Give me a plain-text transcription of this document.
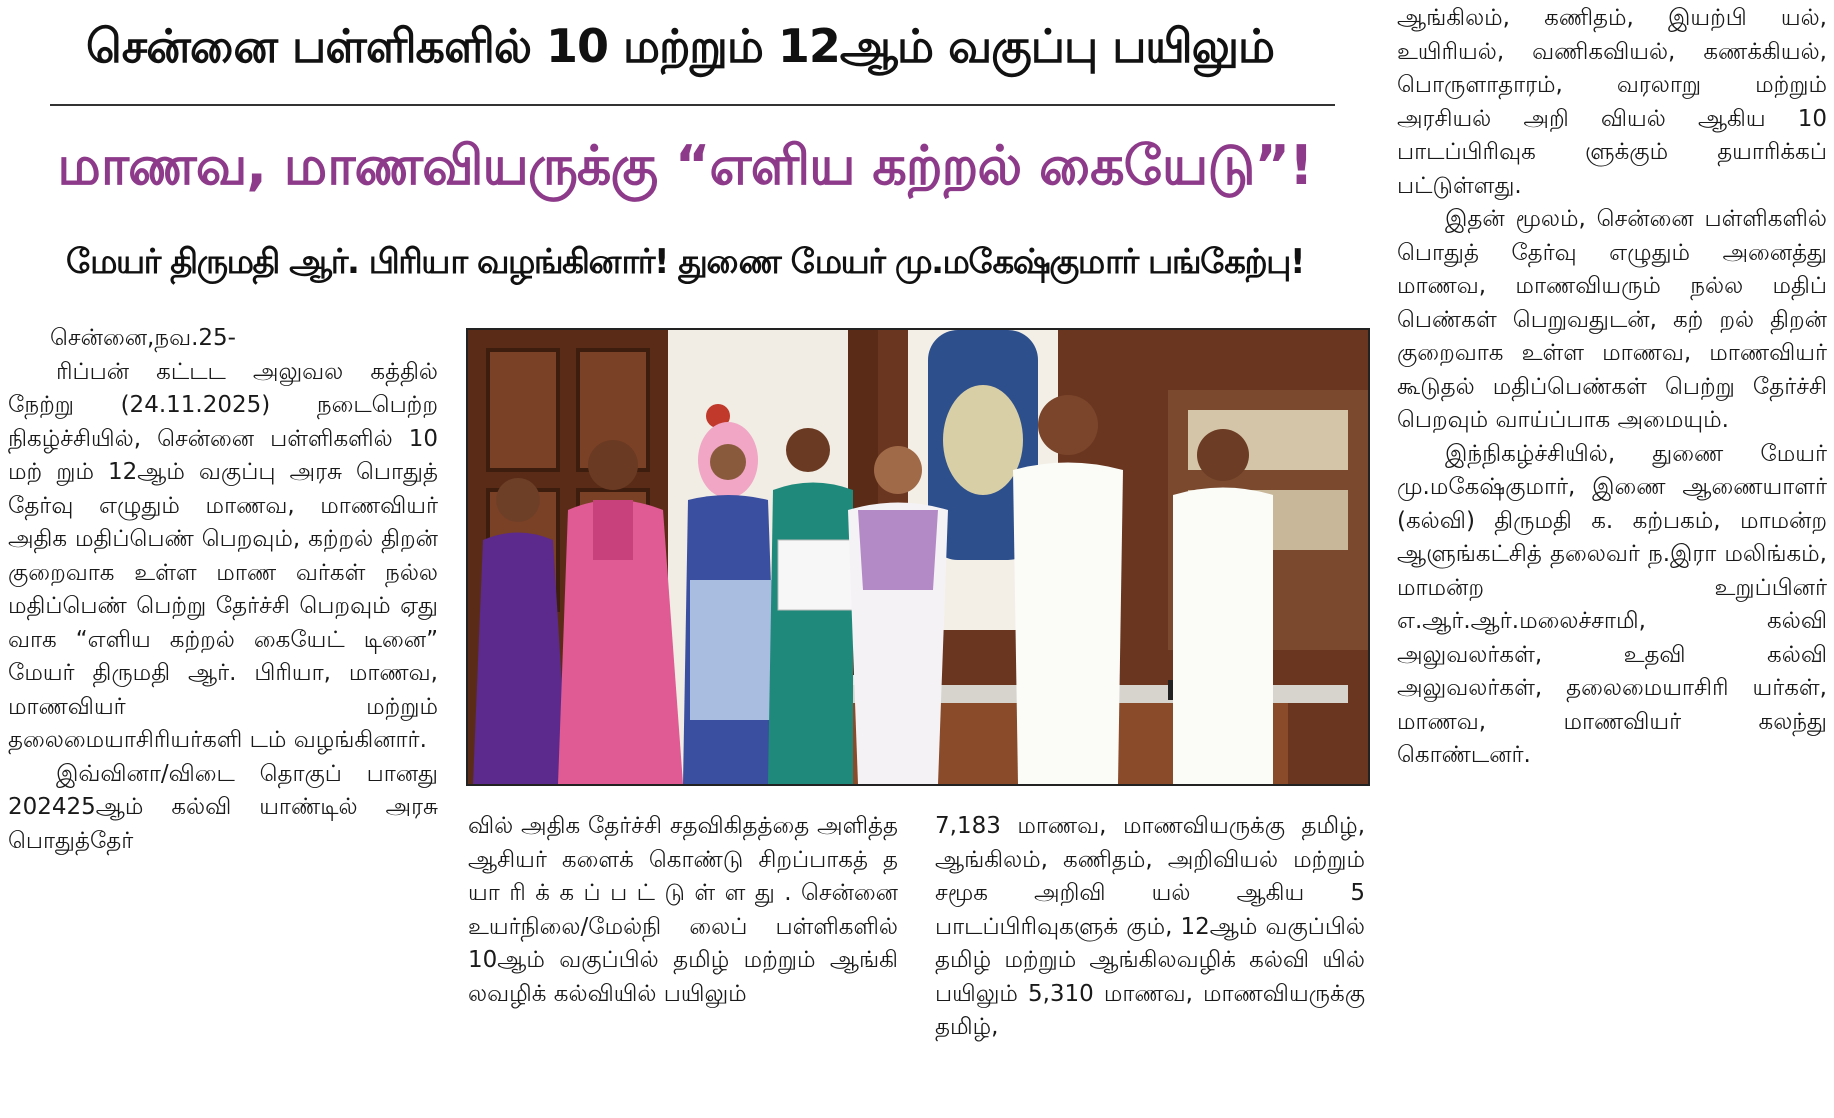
சென்னை பள்ளிகளில் 10 மற்றும் 12ஆம் வகுப்பு பயிலும்
மாணவ, மாணவியருக்கு “எளிய கற்றல் கையேடு”!
மேயர் திருமதி ஆர். பிரியா வழங்கினார்! துணை மேயர் மு.மகேஷ்குமார் பங்கேற்பு!

சென்னை,நவ.25-

ரிப்பன் கட்டட அலுவல கத்தில் நேற்று (24.11.2025) நடைபெற்ற நிகழ்ச்சியில், சென்னை பள்ளிகளில் 10 மற் றும் 12ஆம் வகுப்பு அரசு பொதுத் தேர்வு எழுதும் மாணவ, மாணவியர் அதிக மதிப்பெண் பெறவும், கற்றல் திறன் குறைவாக உள்ள மாண வர்கள் நல்ல மதிப்பெண் பெற்று தேர்ச்சி பெறவும் ஏது வாக “எளிய கற்றல் கையேட் டினை” மேயர் திருமதி ஆர். பிரியா, மாணவ, மாணவியர் மற்றும் தலைமையாசிரியர்களி டம் வழங்கினார்.

இவ்வினா/விடை தொகுப் பானது 202425ஆம் கல்வி யாண்டில் அரசு பொதுத்தேர்

வில் அதிக தேர்ச்சி சதவிகிதத்தை அளித்த ஆசியர் களைக் கொண்டு சிறப்பாகத் த யா ரி க் க ப் ப ட் டு ள் ள து . சென்னை உயர்நிலை/மேல்நி லைப் பள்ளிகளில் 10ஆம் வகுப்பில் தமிழ் மற்றும் ஆங்கி லவழிக் கல்வியில் பயிலும்

7,183 மாணவ, மாணவியருக்கு தமிழ், ஆங்கிலம், கணிதம், அறிவியல் மற்றும் சமூக அறிவி யல் ஆகிய 5 பாடப்பிரிவுகளுக் கும், 12ஆம் வகுப்பில் தமிழ் மற்றும் ஆங்கிலவழிக் கல்வி யில் பயிலும் 5,310 மாணவ, மாணவியருக்கு தமிழ்,

ஆங்கிலம், கணிதம், இயற்பி யல், உயிரியல், வணிகவியல், கணக்கியல், பொருளாதாரம், வரலாறு மற்றும் அரசியல் அறி வியல் ஆகிய 10 பாடப்பிரிவுக ளுக்கும் தயாரிக்கப் பட்டுள்ளது.

இதன் மூலம், சென்னை பள்ளிகளில் பொதுத் தேர்வு எழுதும் அனைத்து மாணவ, மாணவியரும் நல்ல மதிப் பெண்கள் பெறுவதுடன், கற் றல் திறன் குறைவாக உள்ள மாணவ, மாணவியர் கூடுதல் மதிப்பெண்கள் பெற்று தேர்ச்சி பெறவும் வாய்ப்பாக அமையும்.

இந்நிகழ்ச்சியில், துணை மேயர் மு.மகேஷ்குமார், இணை ஆணையாளர் (கல்வி) திருமதி க. கற்பகம், மாமன்ற ஆளுங்கட்சித் தலைவர் ந.இரா மலிங்கம், மாமன்ற உறுப்பினர் எ.ஆர்.ஆர்.மலைச்சாமி, கல்வி அலுவலர்கள், உதவி கல்வி அலுவலர்கள், தலைமையாசிரி யர்கள், மாணவ, மாணவியர் கலந்து கொண்டனர்.
